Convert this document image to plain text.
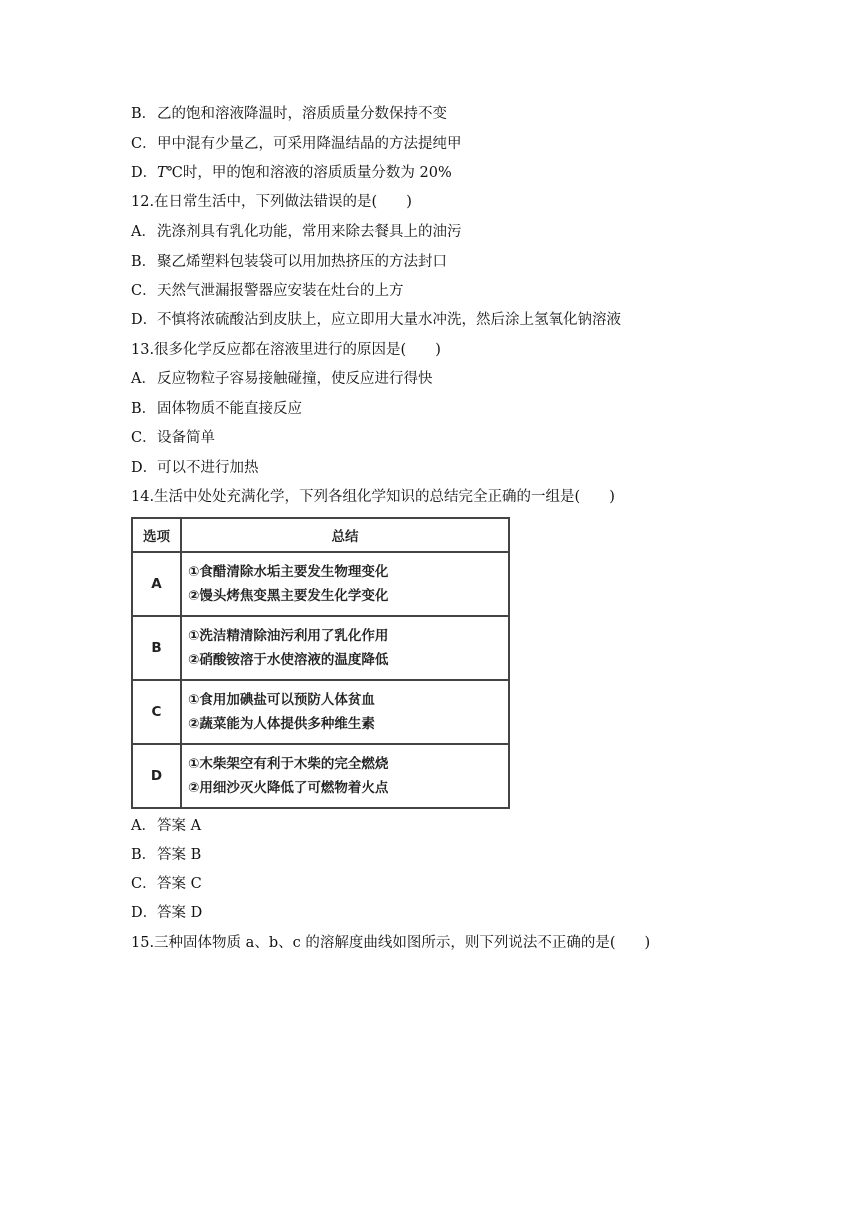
B．乙的饱和溶液降温时，溶质质量分数保持不变
C．甲中混有少量乙，可采用降温结晶的方法提纯甲
D．T℃时，甲的饱和溶液的溶质质量分数为 20%
12.在日常生活中，下列做法错误的是(　　)
A．洗涤剂具有乳化功能，常用来除去餐具上的油污
B．聚乙烯塑料包装袋可以用加热挤压的方法封口
C．天然气泄漏报警器应安装在灶台的上方
D．不慎将浓硫酸沾到皮肤上，应立即用大量水冲洗，然后涂上氢氧化钠溶液
13.很多化学反应都在溶液里进行的原因是(　　)
A．反应物粒子容易接触碰撞，使反应进行得快
B．固体物质不能直接反应
C．设备简单
D．可以不进行加热
14.生活中处处充满化学，下列各组化学知识的总结完全正确的一组是(　　)
选项	总结
A	①食醋清除水垢主要发生物理变化
②馒头烤焦变黑主要发生化学变化

B	①洗洁精清除油污利用了乳化作用
②硝酸铵溶于水使溶液的温度降低

C	①食用加碘盐可以预防人体贫血
②蔬菜能为人体提供多种维生素

D	①木柴架空有利于木柴的完全燃烧
②用细沙灭火降低了可燃物着火点
A．答案 A
B．答案 B
C．答案 C
D．答案 D
15.三种固体物质 a、b、c 的溶解度曲线如图所示，则下列说法不正确的是(　　)
